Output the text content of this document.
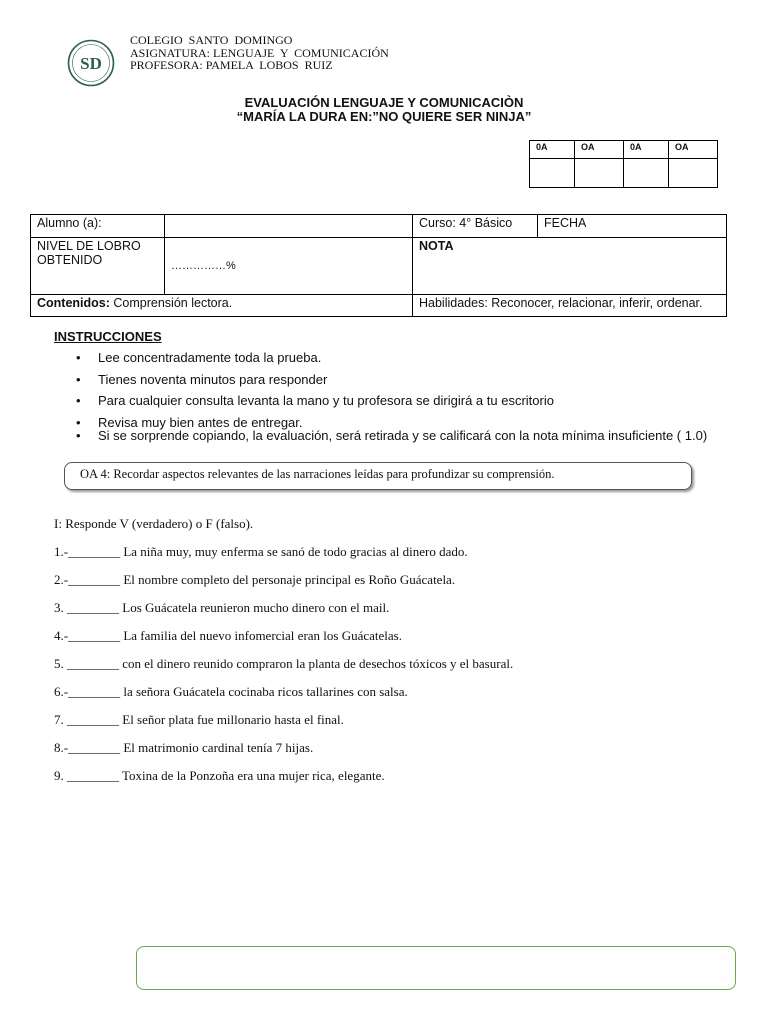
SD
COLEGIO  SANTO  DOMINGO
ASIGNATURA: LENGUAJE  Y  COMUNICACIÓN
PROFESORA: PAMELA  LOBOS  RUIZ
EVALUACIÓN LENGUAJE Y COMUNICACIÒN
“MARÍA LA DURA EN:”NO QUIERE SER NINJA”
0A	OA	0A	OA

Alumno (a):		Curso: 4° Básico	FECHA
NIVEL DE LOBRO OBTENIDO	……………%	NOTA	
Contenidos: Comprensión lectora.		Habilidades: Reconocer, relacionar, inferir, ordenar.	
INSTRUCCIONES
• Lee concentradamente toda la prueba.
• Tienes noventa minutos para responder
• Para cualquier consulta levanta la mano y tu profesora se dirigirá a tu escritorio
• Revisa muy bien antes de entregar.
• Si se sorprende copiando, la evaluación, será retirada y se calificará con la nota mínima insuficiente ( 1.0)
OA 4: Recordar aspectos relevantes de las narraciones leídas para profundizar su comprensión.
I: Responde V (verdadero) o F (falso).
1.-________ La niña muy, muy enferma se sanó de todo gracias al dinero dado.
2.-________ El nombre completo del personaje principal es Roño Guácatela.
3. ________ Los Guácatela reunieron mucho dinero con el mail.
4.-________ La familia del nuevo infomercial eran los Guácatelas.
5. ________ con el dinero reunido compraron la planta de desechos tóxicos y el basural.
6.-________ la señora Guácatela cocinaba ricos tallarines con salsa.
7. ________ El señor plata fue millonario hasta el final.
8.-________ El matrimonio cardinal tenía 7 hijas.
9. ________ Toxina de la Ponzoña era una mujer rica, elegante.
